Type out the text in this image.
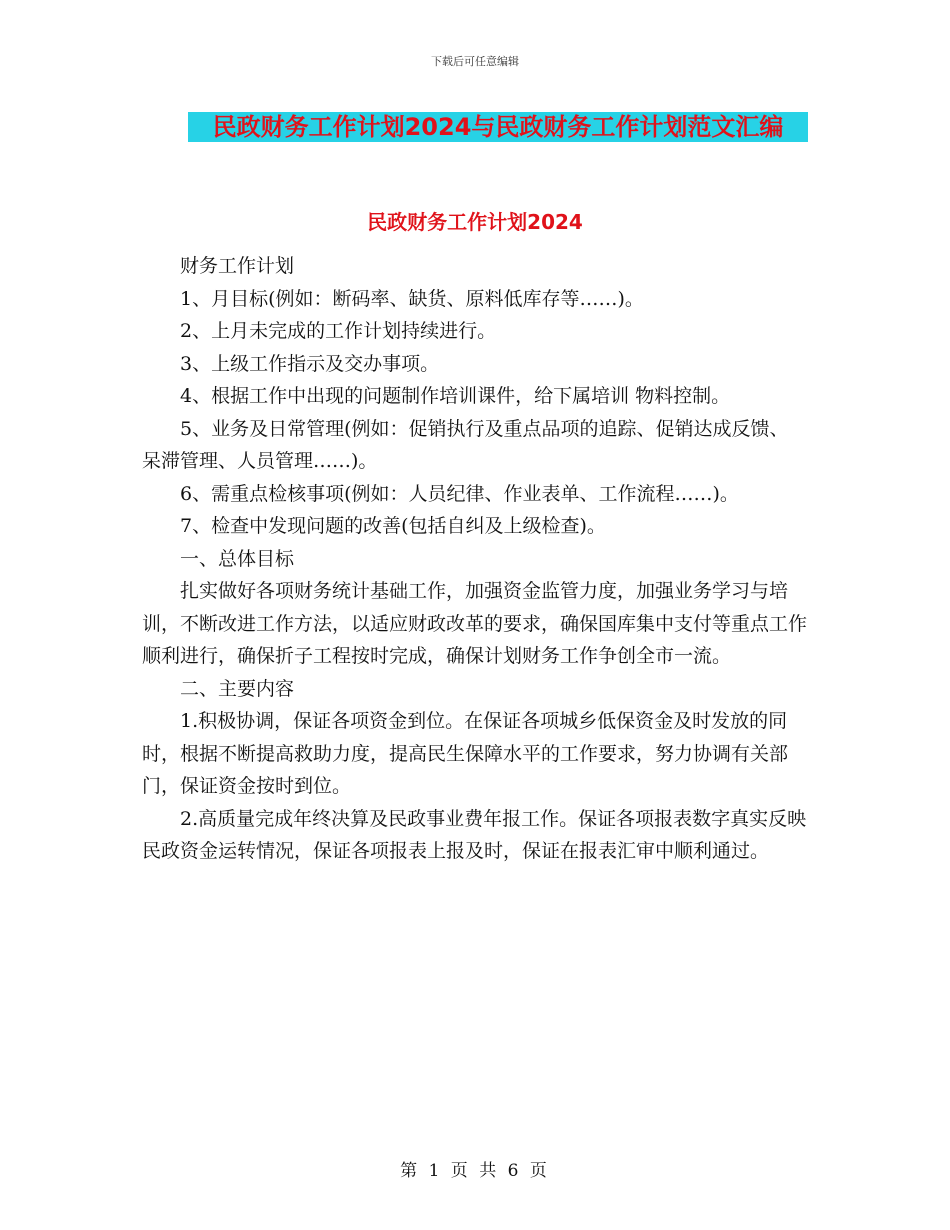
下载后可任意编辑
民政财务工作计划2024与民政财务工作计划范文汇编
民政财务工作计划2024

财务工作计划

1、月目标(例如：断码率、缺货、原料低库存等……)。

2、上月未完成的工作计划持续进行。

3、上级工作指示及交办事项。

4、根据工作中出现的问题制作培训课件，给下属培训 物料控制。

5、业务及日常管理(例如：促销执行及重点品项的追踪、促销达成反馈、呆滞管理、人员管理……)。

6、需重点检核事项(例如：人员纪律、作业表单、工作流程……)。

7、检查中发现问题的改善(包括自纠及上级检查)。

一、总体目标

扎实做好各项财务统计基础工作，加强资金监管力度，加强业务学习与培训，不断改进工作方法，以适应财政改革的要求，确保国库集中支付等重点工作顺利进行，确保折子工程按时完成，确保计划财务工作争创全市一流。

二、主要内容

1.积极协调，保证各项资金到位。在保证各项城乡低保资金及时发放的同时，根据不断提高救助力度，提高民生保障水平的工作要求，努力协调有关部门，保证资金按时到位。

2.高质量完成年终决算及民政事业费年报工作。保证各项报表数字真实反映民政资金运转情况，保证各项报表上报及时，保证在报表汇审中顺利通过。

第 1 页 共 6 页
